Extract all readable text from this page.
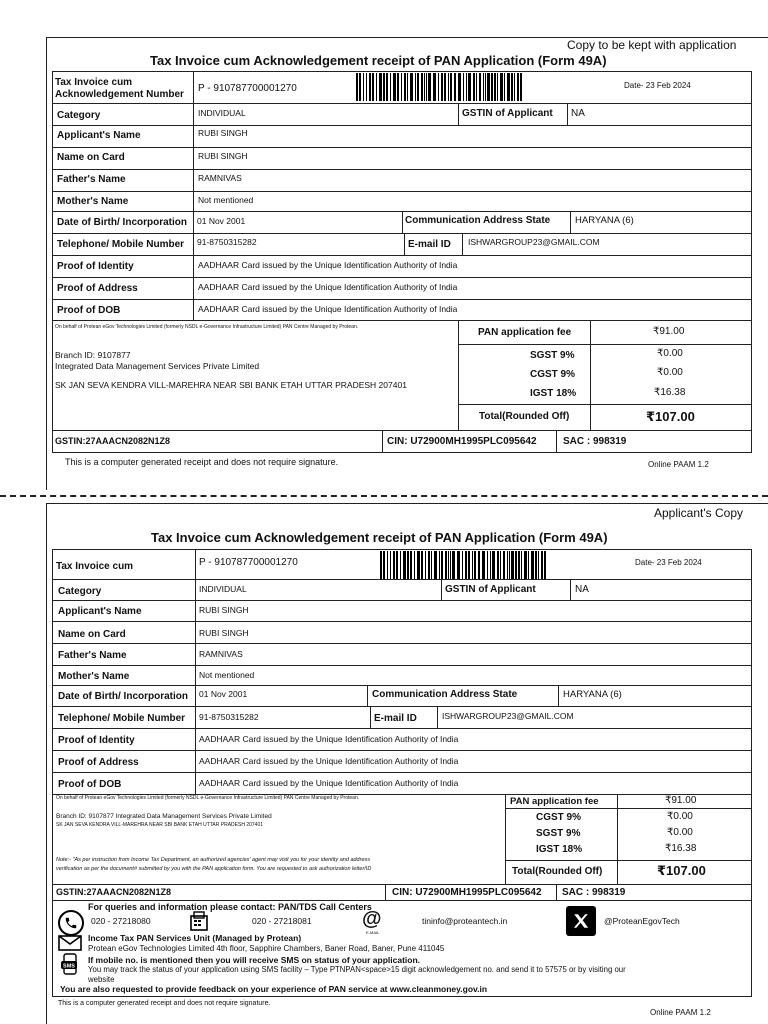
Copy to be kept with application
Tax Invoice cum Acknowledgement receipt of PAN Application (Form 49A)
Tax Invoice cum Acknowledgement Number
P - 910787700001270	Date- 23 Feb 2024
Category	INDIVIDUAL	GSTIN of Applicant NA
Applicant's Name	RUBI SINGH
Name on Card	RUBI SINGH
Father's Name	RAMNIVAS
Mother's Name	Not mentioned
Date of Birth/ Incorporation 01 Nov 2001	Communication Address State	HARYANA (6)
Telephone/ Mobile Number 91-8750315282	E-mail ID ISHWARGROUP23@GMAIL.COM
Proof of Identity	AADHAAR Card issued by the Unique Identification Authority of India
Proof of Address	AADHAAR Card issued by the Unique Identification Authority of India
Proof of DOB	AADHAAR Card issued by the Unique Identification Authority of India
On behalf of Protean eGov Technologies Limited (formerly NSDL e-Governance Infrastructure Limited) PAN Centre Managed by Protean.
Branch ID: 9107877
Integrated Data Management Services Private Limited
SK JAN SEVA KENDRA VILL-MAREHRA NEAR SBI BANK ETAH UTTAR PRADESH 207401
PAN application fee	₹91.00
SGST 9%	₹0.00
CGST 9%	₹0.00
IGST 18%	₹16.38
Total(Rounded Off)	₹107.00
GSTIN:27AAACN2082N1Z8	CIN: U72900MH1995PLC095642	SAC : 998319
This is a computer generated receipt and does not require signature.	Online PAAM 1.2
Applicant's Copy
Tax Invoice cum Acknowledgement receipt of PAN Application (Form 49A)
Tax Invoice cum	P - 910787700001270	Date- 23 Feb 2024
Category	INDIVIDUAL	GSTIN of Applicant	NA
Applicant's Name	RUBI SINGH
Name on Card	RUBI SINGH
Father's Name	RAMNIVAS
Mother's Name	Not mentioned
Date of Birth/ Incorporation 01 Nov 2001	Communication Address State	HARYANA (6)
Telephone/ Mobile Number 91-8750315282	E-mail ID	ISHWARGROUP23@GMAIL.COM
Proof of Identity	AADHAAR Card issued by the Unique Identification Authority of India
Proof of Address	AADHAAR Card issued by the Unique Identification Authority of India
Proof of DOB	AADHAAR Card issued by the Unique Identification Authority of India
On behalf of Protean eGov Technologies Limited (formerly NSDL e-Governance Infrastructure Limited) PAN Centre Managed by Protean.
Branch ID: 9107877 Integrated Data Management Services Private Limited
SK JAN SEVA KENDRA VILL-MAREHRA NEAR SBI BANK ETAH UTTAR PRADESH 207401
Note:- "As per instruction from Income Tax Department, an authorized agencies' agent may visit you for your identity and address
verification as per the document# submitted by you with the PAN application form. You are requested to ask authorization letter/ID
PAN application fee	₹91.00
CGST 9%	₹0.00
SGST 9%	₹0.00
IGST 18%	₹16.38
Total(Rounded Off)	₹107.00
GSTIN:27AAACN2082N1Z8	CIN: U72900MH1995PLC095642 SAC : 998319
For queries and information please contact: PAN/TDS Call Centers
020 - 27218080	020 - 27218081	@
E-MAIL
tininfo@proteantech.in	@ProteanEgovTech
Income Tax PAN Services Unit (Managed by Protean)
Protean eGov Technologies Limited 4th floor, Sapphire Chambers, Baner Road, Baner, Pune 411045
SMS
If mobile no. is mentioned then you will receive SMS on status of your application.
You may track the status of your application using SMS facility – Type PTNPAN<space>15 digit acknowledgement no. and send it to 57575 or by visiting our
website
You are also requested to provide feedback on your experience of PAN service at www.cleanmoney.gov.in
This is a computer generated receipt and does not require signature.
Online PAAM 1.2
